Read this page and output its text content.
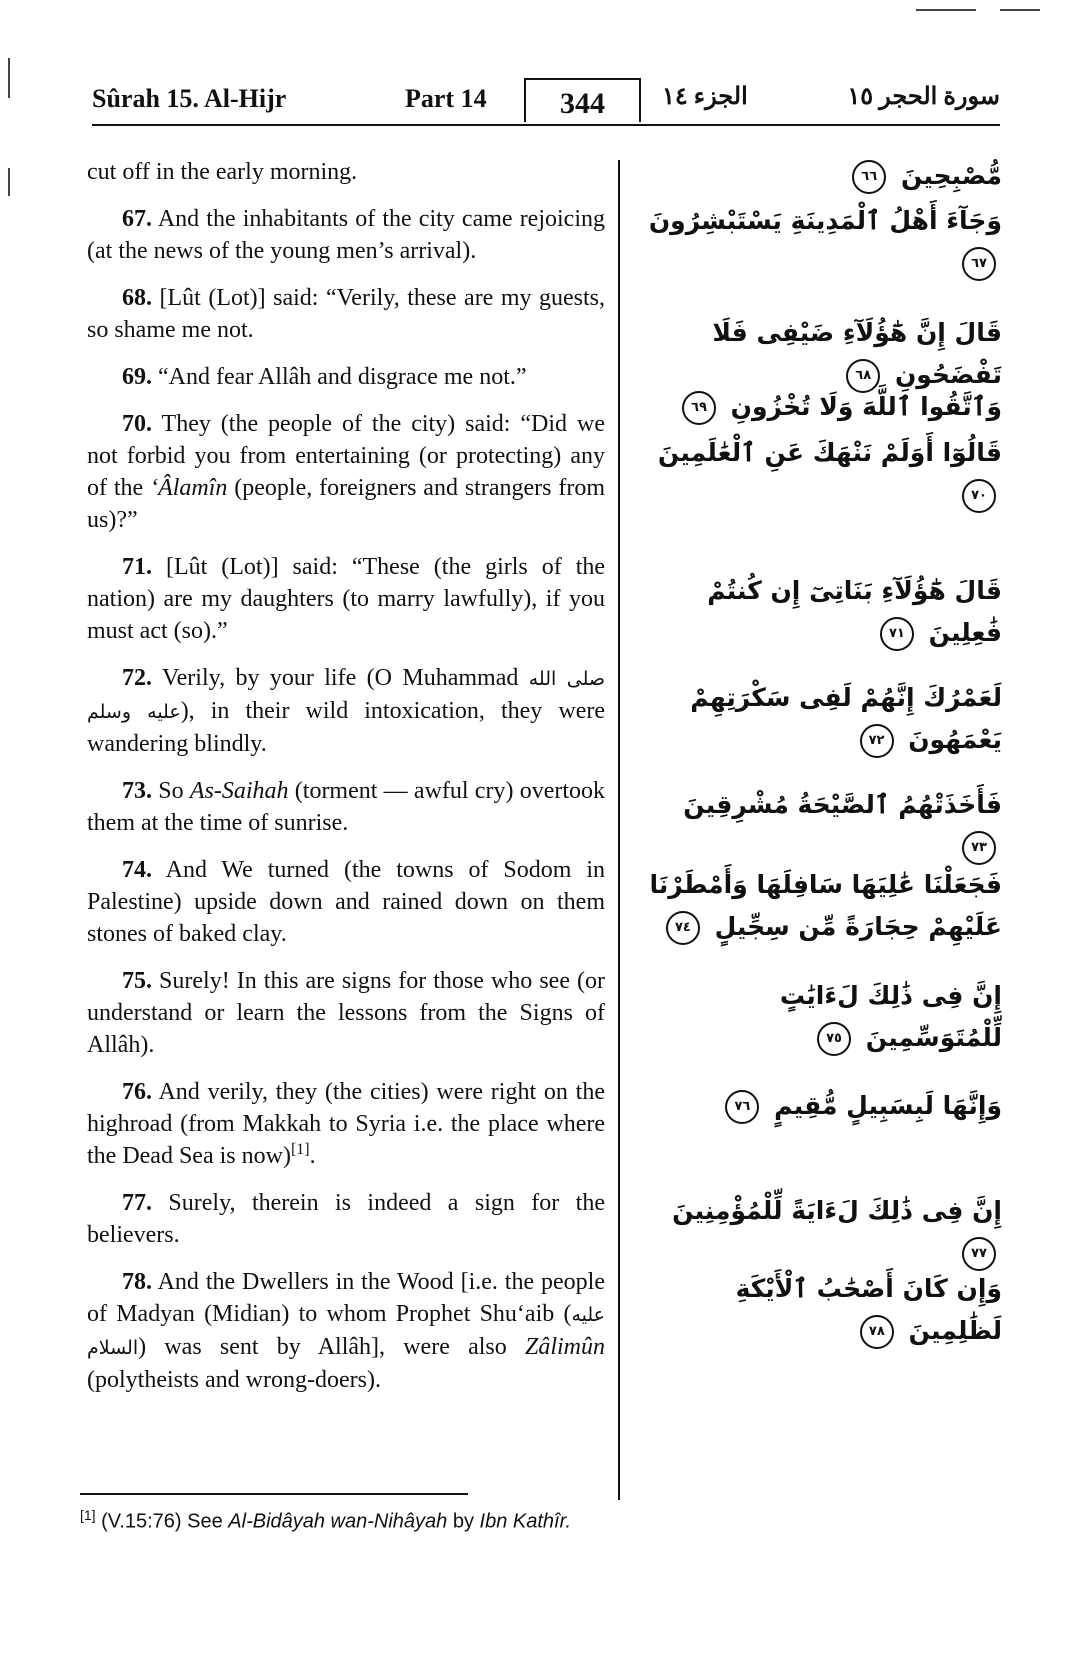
Sûrah 15. Al-Hijr	Part 14	344	الجزء ١٤	سورة الحجر ١٥

cut off in the early morning.

67. And the inhabitants of the city came rejoicing (at the news of the young men’s arrival).

68. [Lût (Lot)] said: “Verily, these are my guests, so shame me not.

69. “And fear Allâh and disgrace me not.”

70. They (the people of the city) said: “Did we not forbid you from entertaining (or protecting) any of the ‘Âlamîn (people, foreigners and strangers from us)?”

71. [Lût (Lot)] said: “These (the girls of the nation) are my daughters (to marry lawfully), if you must act (so).”

72. Verily, by your life (O Muhammad صلى الله عليه وسلم), in their wild intoxication, they were wandering blindly.

73. So As-Saihah (torment — awful cry) overtook them at the time of sunrise.

74. And We turned (the towns of Sodom in Palestine) upside down and rained down on them stones of baked clay.

75. Surely! In this are signs for those who see (or understand or learn the lessons from the Signs of Allâh).

76. And verily, they (the cities) were right on the highroad (from Makkah to Syria i.e. the place where the Dead Sea is now)[1].

77. Surely, therein is indeed a sign for the believers.

78. And the Dwellers in the Wood [i.e. the people of Madyan (Midian) to whom Prophet Shu‘aib (عليه السلام) was sent by Allâh], were also Zâlimûn (polytheists and wrong-doers).

مُّصْبِحِينَ ٦٦
وَجَآءَ أَهْلُ ٱلْمَدِينَةِ يَسْتَبْشِرُونَ ٦٧
قَالَ إِنَّ هَٰٓؤُلَآءِ ضَيْفِى فَلَا تَفْضَحُونِ ٦٨
وَٱتَّقُوا ٱللَّهَ وَلَا تُخْزُونِ ٦٩
قَالُوٓا أَوَلَمْ نَنْهَكَ عَنِ ٱلْعَٰلَمِينَ ٧٠
قَالَ هَٰٓؤُلَآءِ بَنَاتِىٓ إِن كُنتُمْ فَٰعِلِينَ ٧١
لَعَمْرُكَ إِنَّهُمْ لَفِى سَكْرَتِهِمْ يَعْمَهُونَ ٧٢
فَأَخَذَتْهُمُ ٱلصَّيْحَةُ مُشْرِقِينَ ٧٣
فَجَعَلْنَا عَٰلِيَهَا سَافِلَهَا وَأَمْطَرْنَا عَلَيْهِمْ حِجَارَةً مِّن سِجِّيلٍ ٧٤
إِنَّ فِى ذَٰلِكَ لَءَايَٰتٍ لِّلْمُتَوَسِّمِينَ ٧٥
وَإِنَّهَا لَبِسَبِيلٍ مُّقِيمٍ ٧٦
إِنَّ فِى ذَٰلِكَ لَءَايَةً لِّلْمُؤْمِنِينَ ٧٧
وَإِن كَانَ أَصْحَٰبُ ٱلْأَيْكَةِ لَظَٰلِمِينَ ٧٨
[1] (V.15:76) See Al-Bidâyah wan-Nihâyah by Ibn Kathîr.
